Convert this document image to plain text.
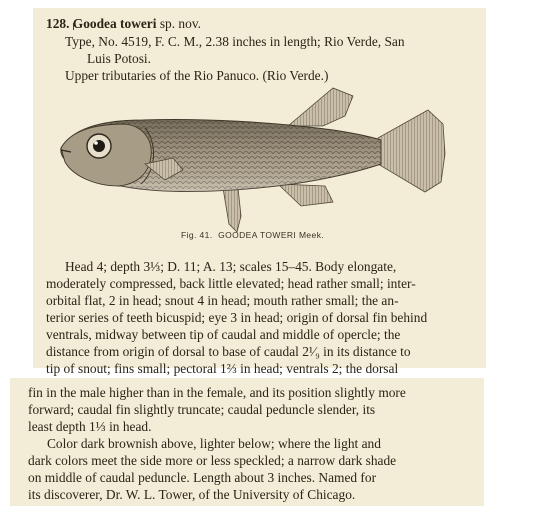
128. Goodea toweri sp. nov.
Type, No. 4519, F. C. M., 2.38 inches in length; Rio Verde, San
Luis Potosi.
Upper tributaries of the Rio Panuco. (Rio Verde.)
Fig. 41. GOODEA TOWERI Meek.
Head 4; depth 3⅓; D. 11; A. 13; scales 15–45. Body elongate,
moderately compressed, back little elevated; head rather small; inter-
orbital flat, 2 in head; snout 4 in head; mouth rather small; the an-
terior series of teeth bicuspid; eye 3 in head; origin of dorsal fin behind
ventrals, midway between tip of caudal and middle of opercle; the
distance from origin of dorsal to base of caudal 2¹⁄₉ in its distance to
tip of snout; fins small; pectoral 1⅔ in head; ventrals 2; the dorsal
fin in the male higher than in the female, and its position slightly more
forward; caudal fin slightly truncate; caudal peduncle slender, its
least depth 1⅓ in head.
Color dark brownish above, lighter below; where the light and
dark colors meet the side more or less speckled; a narrow dark shade
on middle of caudal peduncle. Length about 3 inches. Named for
its discoverer, Dr. W. L. Tower, of the University of Chicago.
